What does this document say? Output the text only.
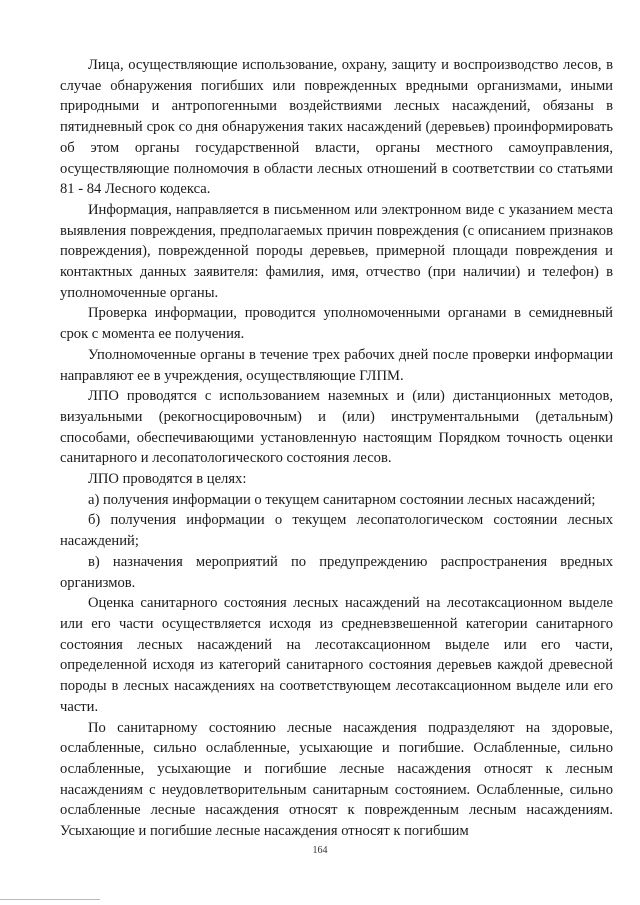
Лица, осуществляющие использование, охрану, защиту и воспроизводство лесов, в случае обнаружения погибших или поврежденных вредными организмами, иными природными и антропогенными воздействиями лесных насаждений, обязаны в пятидневный срок со дня обнаружения таких насаждений (деревьев) проинформировать об этом органы государственной власти, органы местного самоуправления, осуществляющие полномочия в области лесных отношений в соответствии со статьями 81 - 84 Лесного кодекса.

Информация, направляется в письменном или электронном виде с указанием места выявления повреждения, предполагаемых причин повреждения (с описанием признаков повреждения), поврежденной породы деревьев, примерной площади повреждения и контактных данных заявителя: фамилия, имя, отчество (при наличии) и телефон) в уполномоченные органы.

Проверка информации, проводится уполномоченными органами в семидневный срок с момента ее получения.

Уполномоченные органы в течение трех рабочих дней после проверки информации направляют ее в учреждения, осуществляющие ГЛПМ.

ЛПО проводятся с использованием наземных и (или) дистанционных методов, визуальными (рекогносцировочным) и (или) инструментальными (детальным) способами, обеспечивающими установленную настоящим Порядком точность оценки санитарного и лесопатологического состояния лесов.

ЛПО проводятся в целях:

а) получения информации о текущем санитарном состоянии лесных насаждений;

б) получения информации о текущем лесопатологическом состоянии лесных насаждений;

в) назначения мероприятий по предупреждению распространения вредных организмов.

Оценка санитарного состояния лесных насаждений на лесотаксационном выделе или его части осуществляется исходя из средневзвешенной категории санитарного состояния лесных насаждений на лесотаксационном выделе или его части, определенной исходя из категорий санитарного состояния деревьев каждой древесной породы в лесных насаждениях на соответствующем лесотаксационном выделе или его части.

По санитарному состоянию лесные насаждения подразделяют на здоровые, ослабленные, сильно ослабленные, усыхающие и погибшие. Ослабленные, сильно ослабленные, усыхающие и погибшие лесные насаждения относят к лесным насаждениям с неудовлетворительным санитарным состоянием. Ослабленные, сильно ослабленные лесные насаждения относят к поврежденным лесным насаждениям. Усыхающие и погибшие лесные насаждения относят к погибшим

164
